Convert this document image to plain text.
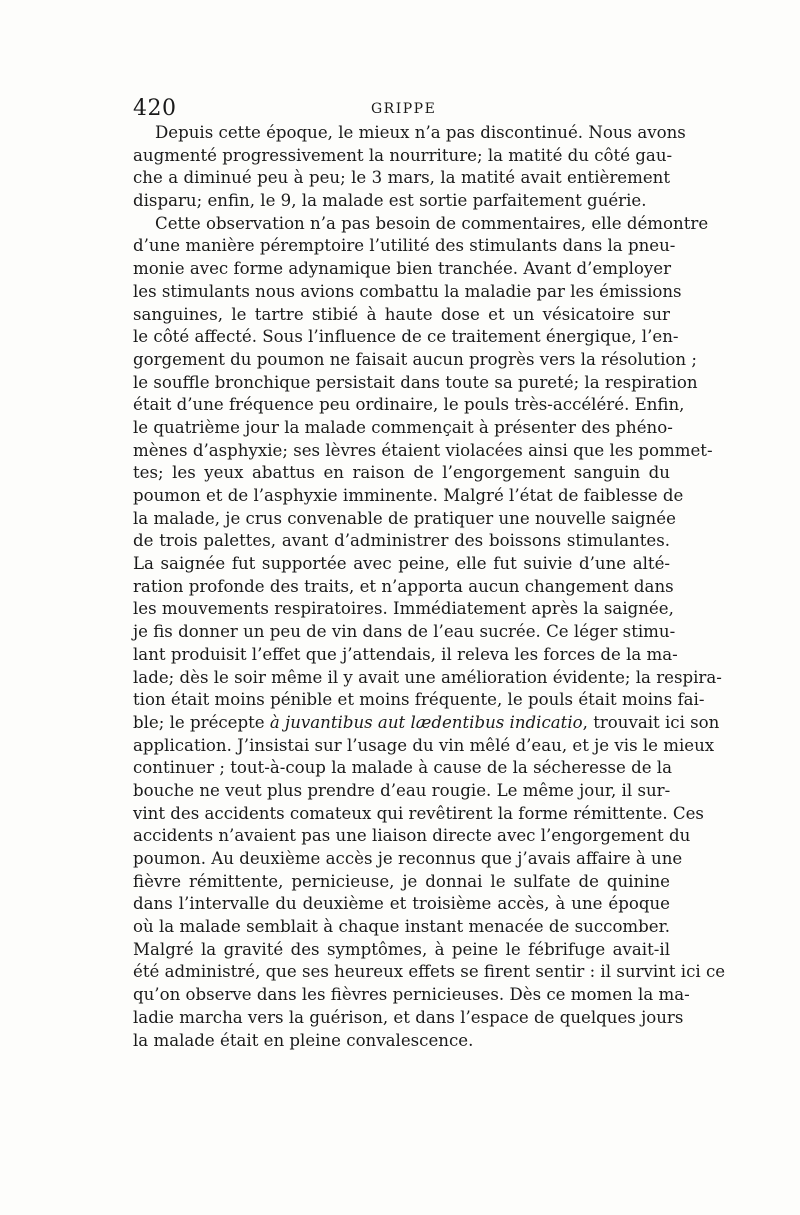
420	GRIPPE
Depuis cette époque, le mieux n’a pas discontinué. Nous avons
augmenté progressivement la nourriture; la matité du côté gau-
che a diminué peu à peu; le 3 mars, la matité avait entièrement
disparu; enfin, le 9, la malade est sortie parfaitement guérie.
Cette observation n’a pas besoin de commentaires, elle démontre
d’une manière péremptoire l’utilité des stimulants dans la pneu-
monie avec forme adynamique bien tranchée. Avant d’employer
les stimulants nous avions combattu la maladie par les émissions
sanguines, le tartre stibié à haute dose et un vésicatoire sur
le côté affecté. Sous l’influence de ce traitement énergique, l’en-
gorgement du poumon ne faisait aucun progrès vers la résolution ;
le souffle bronchique persistait dans toute sa pureté; la respiration
était d’une fréquence peu ordinaire, le pouls très-accéléré. Enfin,
le quatrième jour la malade commençait à présenter des phéno-
mènes d’asphyxie; ses lèvres étaient violacées ainsi que les pommet-
tes; les yeux abattus en raison de l’engorgement sanguin du
poumon et de l’asphyxie imminente. Malgré l’état de faiblesse de
la malade, je crus convenable de pratiquer une nouvelle saignée
de trois palettes, avant d’administrer des boissons stimulantes.
La saignée fut supportée avec peine, elle fut suivie d’une alté-
ration profonde des traits, et n’apporta aucun changement dans
les mouvements respiratoires. Immédiatement après la saignée,
je fis donner un peu de vin dans de l’eau sucrée. Ce léger stimu-
lant produisit l’effet que j’attendais, il releva les forces de la ma-
lade; dès le soir même il y avait une amélioration évidente; la respira-
tion était moins pénible et moins fréquente, le pouls était moins fai-
ble; le précepte à juvantibus aut lædentibus indicatio, trouvait ici son
application. J’insistai sur l’usage du vin mêlé d’eau, et je vis le mieux
continuer ; tout-à-coup la malade à cause de la sécheresse de la
bouche ne veut plus prendre d’eau rougie. Le même jour, il sur-
vint des accidents comateux qui revêtirent la forme rémittente. Ces
accidents n’avaient pas une liaison directe avec l’engorgement du
poumon. Au deuxième accès je reconnus que j’avais affaire à une
fièvre rémittente, pernicieuse, je donnai le sulfate de quinine
dans l’intervalle du deuxième et troisième accès, à une époque
où la malade semblait à chaque instant menacée de succomber.
Malgré la gravité des symptômes, à peine le fébrifuge avait-il
été administré, que ses heureux effets se firent sentir : il survint ici ce
qu’on observe dans les fièvres pernicieuses. Dès ce momen la ma-
ladie marcha vers la guérison, et dans l’espace de quelques jours
la malade était en pleine convalescence.
